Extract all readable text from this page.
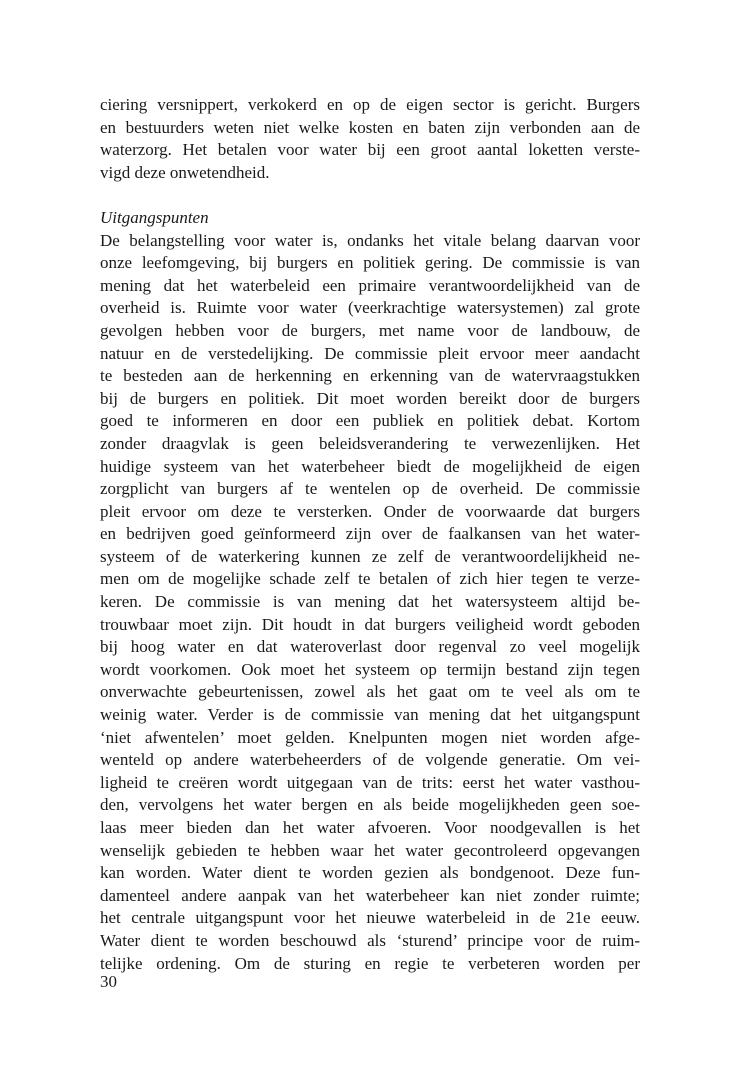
ciering versnippert, verkokerd en op de eigen sector is gericht. Burgers
en bestuurders weten niet welke kosten en baten zijn verbonden aan de
waterzorg. Het betalen voor water bij een groot aantal loketten verste-
vigd deze onwetendheid.
Uitgangspunten
De belangstelling voor water is, ondanks het vitale belang daarvan voor
onze leefomgeving, bij burgers en politiek gering. De commissie is van
mening dat het waterbeleid een primaire verantwoordelijkheid van de
overheid is. Ruimte voor water (veerkrachtige watersystemen) zal grote
gevolgen hebben voor de burgers, met name voor de landbouw, de
natuur en de verstedelijking. De commissie pleit ervoor meer aandacht
te besteden aan de herkenning en erkenning van de watervraagstukken
bij de burgers en politiek. Dit moet worden bereikt door de burgers
goed te informeren en door een publiek en politiek debat. Kortom
zonder draagvlak is geen beleidsverandering te verwezenlijken. Het
huidige systeem van het waterbeheer biedt de mogelijkheid de eigen
zorgplicht van burgers af te wentelen op de overheid. De commissie
pleit ervoor om deze te versterken. Onder de voorwaarde dat burgers
en bedrijven goed geïnformeerd zijn over de faalkansen van het water-
systeem of de waterkering kunnen ze zelf de verantwoordelijkheid ne-
men om de mogelijke schade zelf te betalen of zich hier tegen te verze-
keren. De commissie is van mening dat het watersysteem altijd be-
trouwbaar moet zijn. Dit houdt in dat burgers veiligheid wordt geboden
bij hoog water en dat wateroverlast door regenval zo veel mogelijk
wordt voorkomen. Ook moet het systeem op termijn bestand zijn tegen
onverwachte gebeurtenissen, zowel als het gaat om te veel als om te
weinig water. Verder is de commissie van mening dat het uitgangspunt
‘niet afwentelen’ moet gelden. Knelpunten mogen niet worden afge-
wenteld op andere waterbeheerders of de volgende generatie. Om vei-
ligheid te creëren wordt uitgegaan van de trits: eerst het water vasthou-
den, vervolgens het water bergen en als beide mogelijkheden geen soe-
laas meer bieden dan het water afvoeren. Voor noodgevallen is het
wenselijk gebieden te hebben waar het water gecontroleerd opgevangen
kan worden. Water dient te worden gezien als bondgenoot. Deze fun-
damenteel andere aanpak van het waterbeheer kan niet zonder ruimte;
het centrale uitgangspunt voor het nieuwe waterbeleid in de 21e eeuw.
Water dient te worden beschouwd als ‘sturend’ principe voor de ruim-
telijke ordening. Om de sturing en regie te verbeteren worden per
30
